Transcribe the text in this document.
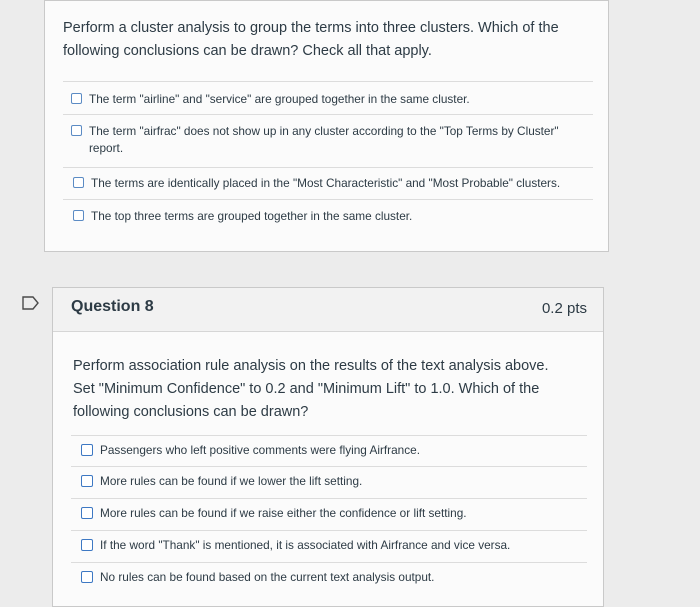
Perform a cluster analysis to group the terms into three clusters. Which of the following conclusions can be drawn? Check all that apply.
The term "airline" and "service" are grouped together in the same cluster.
The term "airfrac" does not show up in any cluster according to the "Top Terms by Cluster" report.
The terms are identically placed in the "Most Characteristic" and "Most Probable" clusters.
The top three terms are grouped together in the same cluster.
Question 8	0.2 pts
Perform association rule analysis on the results of the text analysis above. Set "Minimum Confidence" to 0.2 and "Minimum Lift" to 1.0. Which of the following conclusions can be drawn?
Passengers who left positive comments were flying Airfrance.
More rules can be found if we lower the lift setting.
More rules can be found if we raise either the confidence or lift setting.
If the word "Thank" is mentioned, it is associated with Airfrance and vice versa.
No rules can be found based on the current text analysis output.
